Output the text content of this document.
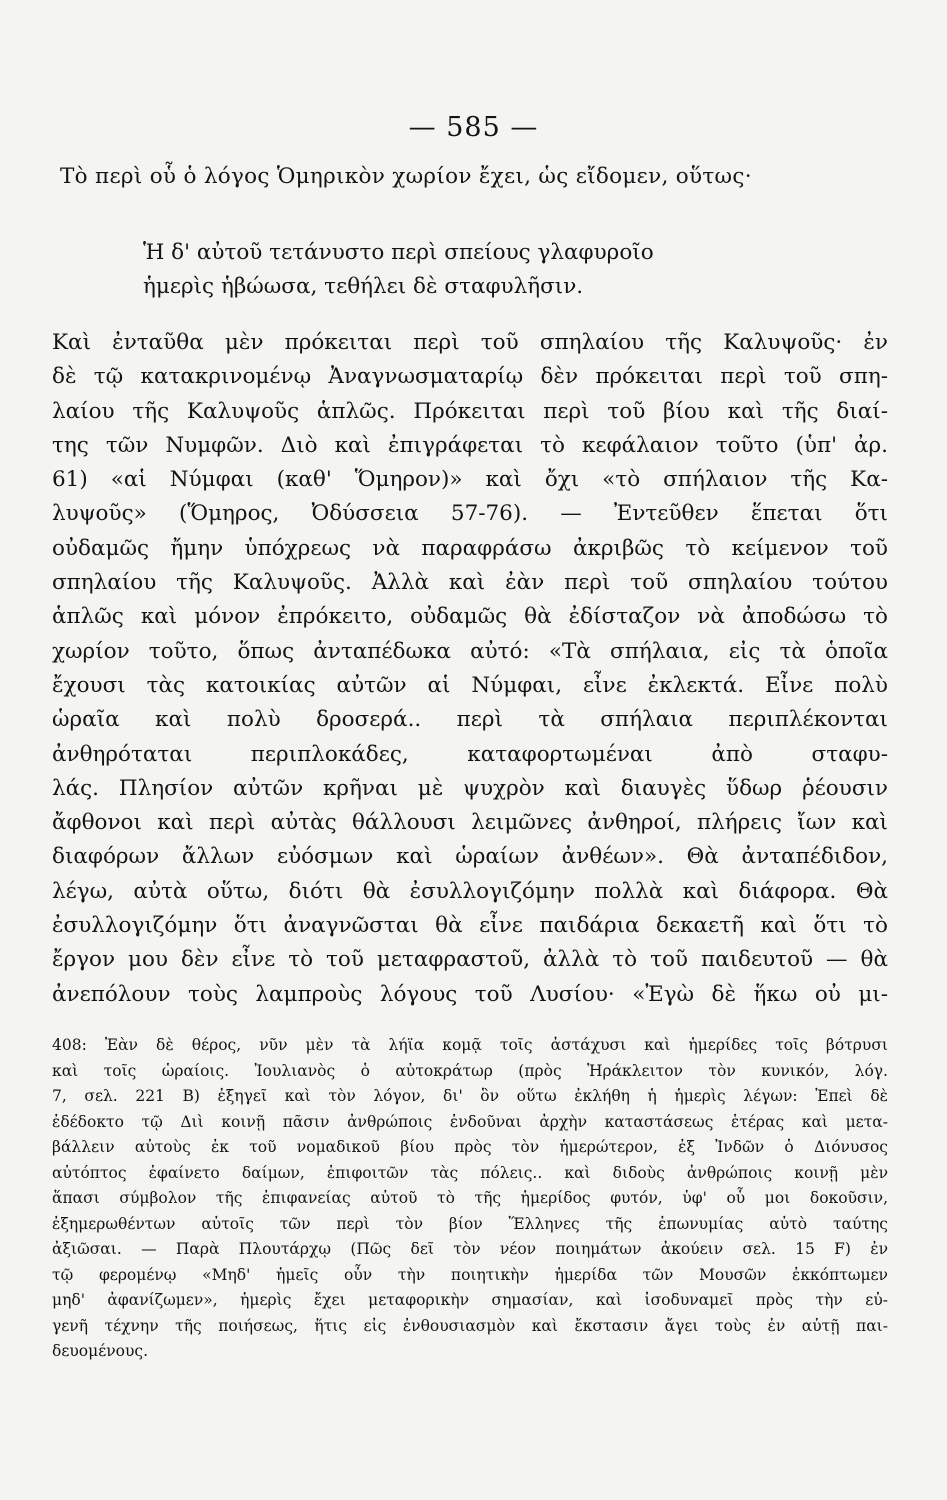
— 585 —
Τὸ περὶ οὗ ὁ λόγος Ὁμηρικὸν χωρίον ἔχει, ὡς εἴδομεν, οὕτως·
Ἡ δ' αὐτοῦ τετάνυστο περὶ σπείους γλαφυροῖο
ἡμερὶς ἡβώωσα, τεθήλει δὲ σταφυλῆσιν.
Καὶ ἐνταῦθα μὲν πρόκειται περὶ τοῦ σπηλαίου τῆς Καλυψοῦς· ἐν
δὲ τῷ κατακρινομένῳ Ἀναγνωσματαρίῳ δὲν πρόκειται περὶ τοῦ σπη-
λαίου τῆς Καλυψοῦς ἁπλῶς. Πρόκειται περὶ τοῦ βίου καὶ τῆς διαί-
της τῶν Νυμφῶν. Διὸ καὶ ἐπιγράφεται τὸ κεφάλαιον τοῦτο (ὑπ' ἀρ.
61) «αἱ Νύμφαι (καθ' Ὅμηρον)» καὶ ὄχι «τὸ σπήλαιον τῆς Κα-
λυψοῦς» (Ὅμηρος, Ὀδύσσεια 57-76). — Ἐντεῦθεν ἕπεται ὅτι
οὐδαμῶς ἤμην ὑπόχρεως νὰ παραφράσω ἀκριβῶς τὸ κείμενον τοῦ
σπηλαίου τῆς Καλυψοῦς. Ἀλλὰ καὶ ἐὰν περὶ τοῦ σπηλαίου τούτου
ἁπλῶς καὶ μόνον ἐπρόκειτο, οὐδαμῶς θὰ ἐδίσταζον νὰ ἀποδώσω τὸ
χωρίον τοῦτο, ὅπως ἀνταπέδωκα αὐτό: «Τὰ σπήλαια, εἰς τὰ ὁποῖα
ἔχουσι τὰς κατοικίας αὐτῶν αἱ Νύμφαι, εἶνε ἐκλεκτά. Εἶνε πολὺ
ὡραῖα καὶ πολὺ δροσερά.. περὶ τὰ σπήλαια περιπλέκονται
ἀνθηρόταται περιπλοκάδες, καταφορτωμέναι ἀπὸ σταφυ-
λάς. Πλησίον αὐτῶν κρῆναι μὲ ψυχρὸν καὶ διαυγὲς ὕδωρ ῥέουσιν
ἄφθονοι καὶ περὶ αὐτὰς θάλλουσι λειμῶνες ἀνθηροί, πλήρεις ἴων καὶ
διαφόρων ἄλλων εὐόσμων καὶ ὡραίων ἀνθέων». Θὰ ἀνταπέδιδον,
λέγω, αὐτὰ οὕτω, διότι θὰ ἐσυλλογιζόμην πολλὰ καὶ διάφορα. Θὰ
ἐσυλλογιζόμην ὅτι ἀναγνῶσται θὰ εἶνε παιδάρια δεκαετῆ καὶ ὅτι τὸ
ἔργον μου δὲν εἶνε τὸ τοῦ μεταφραστοῦ, ἀλλὰ τὸ τοῦ παιδευτοῦ — θὰ
ἀνεπόλουν τοὺς λαμπροὺς λόγους τοῦ Λυσίου· «Ἐγὼ δὲ ἥκω οὐ μι-
408: Ἐὰν δὲ θέρος, νῦν μὲν τὰ λήϊα κομᾷ τοῖς ἀστάχυσι καὶ ἡμερίδες τοῖς βότρυσι
καὶ τοῖς ὡραίοις. Ἰουλιανὸς ὁ αὐτοκράτωρ (πρὸς Ἡράκλειτον τὸν κυνικόν, λόγ.
7, σελ. 221 B) ἐξηγεῖ καὶ τὸν λόγον, δι' ὃν οὕτω ἐκλήθη ἡ ἡμερὶς λέγων: Ἐπεὶ δὲ
ἐδέδοκτο τῷ Διὶ κοινῇ πᾶσιν ἀνθρώποις ἐνδοῦναι ἀρχὴν καταστάσεως ἑτέρας καὶ μετα-
βάλλειν αὐτοὺς ἐκ τοῦ νομαδικοῦ βίου πρὸς τὸν ἡμερώτερον, ἐξ Ἰνδῶν ὁ Διόνυσος
αὐτόπτος ἐφαίνετο δαίμων, ἐπιφοιτῶν τὰς πόλεις.. καὶ διδοὺς ἀνθρώποις κοινῇ μὲν
ἅπασι σύμβολον τῆς ἐπιφανείας αὐτοῦ τὸ τῆς ἡμερίδος φυτόν, ὑφ' οὗ μοι δοκοῦσιν,
ἐξημερωθέντων αὐτοῖς τῶν περὶ τὸν βίον Ἕλληνες τῆς ἐπωνυμίας αὐτὸ ταύτης
ἀξιῶσαι. — Παρὰ Πλουτάρχῳ (Πῶς δεῖ τὸν νέον ποιημάτων ἀκούειν σελ. 15 F) ἐν
τῷ φερομένῳ «Μηδ' ἡμεῖς οὖν τὴν ποιητικὴν ἡμερίδα τῶν Μουσῶν ἐκκόπτωμεν
μηδ' ἀφανίζωμεν», ἡμερὶς ἔχει μεταφορικὴν σημασίαν, καὶ ἰσοδυναμεῖ πρὸς τὴν εὐ-
γενῆ τέχνην τῆς ποιήσεως, ἥτις εἰς ἐνθουσιασμὸν καὶ ἔκστασιν ἄγει τοὺς ἐν αὐτῇ παι-
δευομένους.
